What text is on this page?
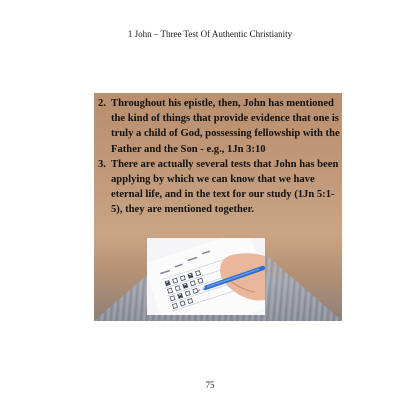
1 John – Three Test Of Authentic Christianity
2. Throughout his epistle, then, John has mentioned the kind of things that provide evidence that one is truly a child of God, possessing fellowship with the Father and the Son - e.g., 1Jn 3:10
3. There are actually several tests that John has been applying by which we can know that we have eternal life, and in the text for our study (1Jn 5:1-5), they are mentioned together.
75
